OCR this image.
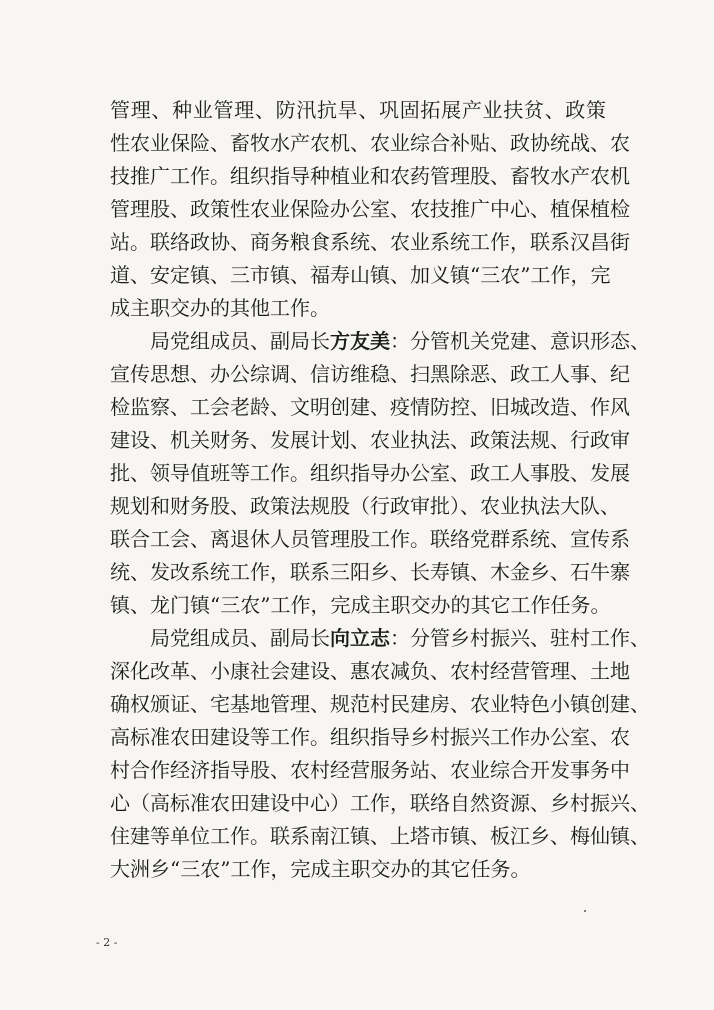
管理、种业管理、防汛抗旱、巩固拓展产业扶贫、政策
性农业保险、畜牧水产农机、农业综合补贴、政协统战、农
技推广工作。组织指导种植业和农药管理股、畜牧水产农机
管理股、政策性农业保险办公室、农技推广中心、植保植检
站。联络政协、商务粮食系统、农业系统工作，联系汉昌街
道、安定镇、三市镇、福寿山镇、加义镇“三农”工作，完
成主职交办的其他工作。
局党组成员、副局长方友美：分管机关党建、意识形态、
宣传思想、办公综调、信访维稳、扫黑除恶、政工人事、纪
检监察、工会老龄、文明创建、疫情防控、旧城改造、作风
建设、机关财务、发展计划、农业执法、政策法规、行政审
批、领导值班等工作。组织指导办公室、政工人事股、发展
规划和财务股、政策法规股（行政审批）、农业执法大队、
联合工会、离退休人员管理股工作。联络党群系统、宣传系
统、发改系统工作，联系三阳乡、长寿镇、木金乡、石牛寨
镇、龙门镇“三农”工作，完成主职交办的其它工作任务。
局党组成员、副局长向立志：分管乡村振兴、驻村工作、
深化改革、小康社会建设、惠农减负、农村经营管理、土地
确权颁证、宅基地管理、规范村民建房、农业特色小镇创建、
高标准农田建设等工作。组织指导乡村振兴工作办公室、农
村合作经济指导股、农村经营服务站、农业综合开发事务中
心（高标准农田建设中心）工作，联络自然资源、乡村振兴、
住建等单位工作。联系南江镇、上塔市镇、板江乡、梅仙镇、
大洲乡“三农”工作，完成主职交办的其它任务。
- 2 -
